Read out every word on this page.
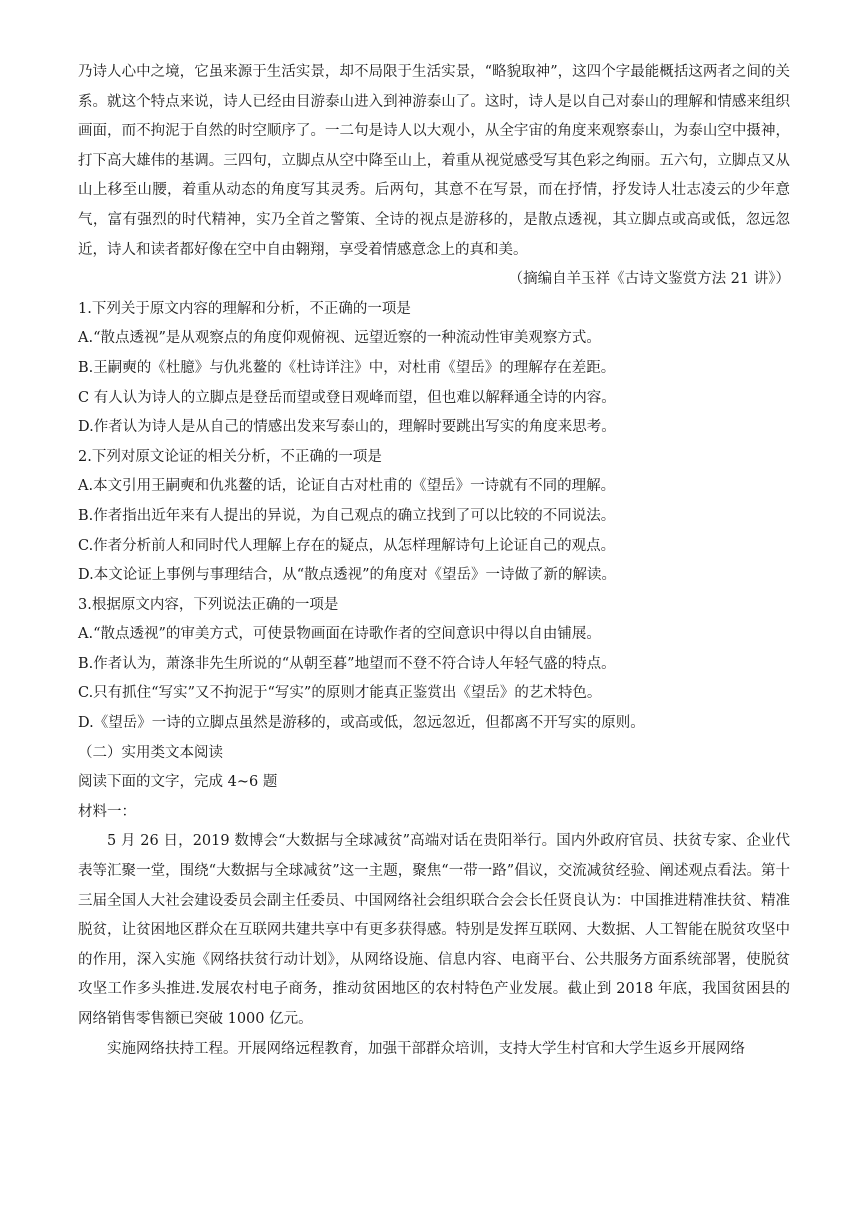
乃诗人心中之境，它虽来源于生活实景，却不局限于生活实景，“略貌取神”，这四个字最能概括这两者之间的关系。就这个特点来说，诗人已经由目游泰山进入到神游泰山了。这时，诗人是以自己对泰山的理解和情感来组织画面，而不拘泥于自然的时空顺序了。一二句是诗人以大观小，从全宇宙的角度来观察泰山，为泰山空中摄神，打下高大雄伟的基调。三四句，立脚点从空中降至山上，着重从视觉感受写其色彩之绚丽。五六句，立脚点又从山上移至山腰，着重从动态的角度写其灵秀。后两句，其意不在写景，而在抒情，抒发诗人壮志凌云的少年意气，富有强烈的时代精神，实乃全首之警策、全诗的视点是游移的，是散点透视，其立脚点或高或低，忽远忽近，诗人和读者都好像在空中自由翱翔，享受着情感意念上的真和美。

（摘编自羊玉祥《古诗文鉴赏方法 21 讲》）

1.下列关于原文内容的理解和分析，不正确的一项是

A.“散点透视”是从观察点的角度仰观俯视、远望近察的一种流动性审美观察方式。

B.王嗣奭的《杜臆》与仇兆鳌的《杜诗详注》中，对杜甫《望岳》的理解存在差距。

C 有人认为诗人的立脚点是登岳而望或登日观峰而望，但也难以解释通全诗的内容。

D.作者认为诗人是从自己的情感出发来写泰山的，理解时要跳出写实的角度来思考。

2.下列对原文论证的相关分析，不正确的一项是

A.本文引用王嗣奭和仇兆鳌的话，论证自古对杜甫的《望岳》一诗就有不同的理解。

B.作者指出近年来有人提出的异说，为自己观点的确立找到了可以比较的不同说法。

C.作者分析前人和同时代人理解上存在的疑点，从怎样理解诗句上论证自己的观点。

D.本文论证上事例与事理结合，从“散点透视”的角度对《望岳》一诗做了新的解读。

3.根据原文内容，下列说法正确的一项是

A.“散点透视”的审美方式，可使景物画面在诗歌作者的空间意识中得以自由铺展。

B.作者认为，萧涤非先生所说的“从朝至暮”地望而不登不符合诗人年轻气盛的特点。

C.只有抓住“写实”又不拘泥于“写实”的原则才能真正鉴赏出《望岳》的艺术特色。

D.《望岳》一诗的立脚点虽然是游移的，或高或低，忽远忽近，但都离不开写实的原则。

（二）实用类文本阅读

阅读下面的文字，完成 4~6 题

材料一：

5 月 26 日，2019 数博会“大数据与全球减贫”高端对话在贵阳举行。国内外政府官员、扶贫专家、企业代表等汇聚一堂，围绕“大数据与全球减贫”这一主题，聚焦“一带一路”倡议，交流减贫经验、阐述观点看法。第十三届全国人大社会建设委员会副主任委员、中国网络社会组织联合会会长任贤良认为：中国推进精准扶贫、精准脱贫，让贫困地区群众在互联网共建共享中有更多获得感。特别是发挥互联网、大数据、人工智能在脱贫攻坚中的作用，深入实施《网络扶贫行动计划》，从网络设施、信息内容、电商平台、公共服务方面系统部署，使脱贫攻坚工作多头推进.发展农村电子商务，推动贫困地区的农村特色产业发展。截止到 2018 年底，我国贫困县的网络销售零售额已突破 1000 亿元。

实施网络扶持工程。开展网络远程教育，加强干部群众培训，支持大学生村官和大学生返乡开展网络
